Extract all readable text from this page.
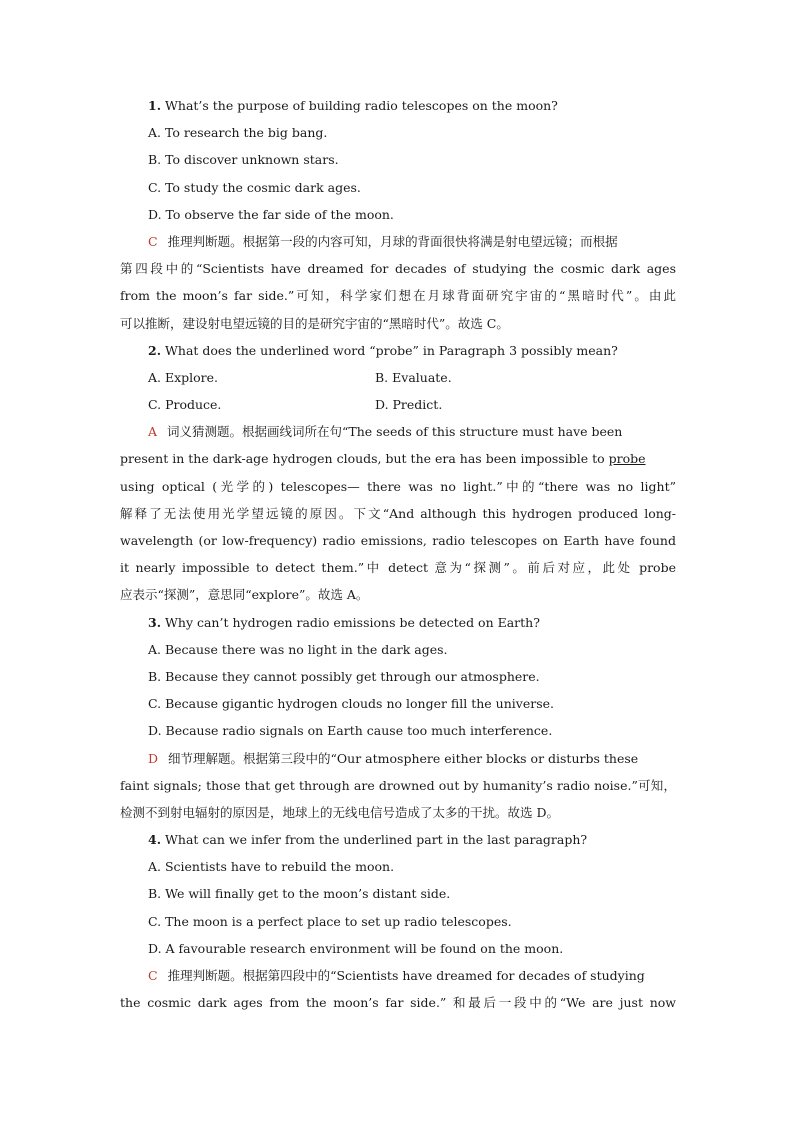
1. What’s the purpose of building radio telescopes on the moon?
A. To research the big bang.
B. To discover unknown stars.
C. To study the cosmic dark ages.
D. To observe the far side of the moon.
C 推理判断题。根据第一段的内容可知，月球的背面很快将满是射电望远镜；而根据
第四段中的“Scientists have dreamed for decades of studying the cosmic dark ages
from the moon’s far side.”可知，科学家们想在月球背面研究宇宙的“黑暗时代”。由此
可以推断，建设射电望远镜的目的是研究宇宙的“黑暗时代”。故选 C。
2. What does the underlined word “probe” in Paragraph 3 possibly mean?
A. Explore.	B. Evaluate.
C. Produce.	D. Predict.
A 词义猜测题。根据画线词所在句“The seeds of this structure must have been
present in the dark-age hydrogen clouds, but the era has been impossible to probe
using optical (光学的) telescopes— there was no light.”中的“there was no light”
解释了无法使用光学望远镜的原因。下文“And although this hydrogen produced long-
wavelength (or low-frequency) radio emissions, radio telescopes on Earth have found
it nearly impossible to detect them.”中 detect 意为“探测”。前后对应，此处 probe
应表示“探测”，意思同“explore”。故选 A。
3. Why can’t hydrogen radio emissions be detected on Earth?
A. Because there was no light in the dark ages.
B. Because they cannot possibly get through our atmosphere.
C. Because gigantic hydrogen clouds no longer fill the universe.
D. Because radio signals on Earth cause too much interference.
D 细节理解题。根据第三段中的“Our atmosphere either blocks or disturbs these
faint signals; those that get through are drowned out by humanity’s radio noise.”可知，
检测不到射电辐射的原因是，地球上的无线电信号造成了太多的干扰。故选 D。
4. What can we infer from the underlined part in the last paragraph?
A. Scientists have to rebuild the moon.
B. We will finally get to the moon’s distant side.
C. The moon is a perfect place to set up radio telescopes.
D. A favourable research environment will be found on the moon.
C 推理判断题。根据第四段中的“Scientists have dreamed for decades of studying
the cosmic dark ages from the moon’s far side.” 和最后一段中的“We are just now
